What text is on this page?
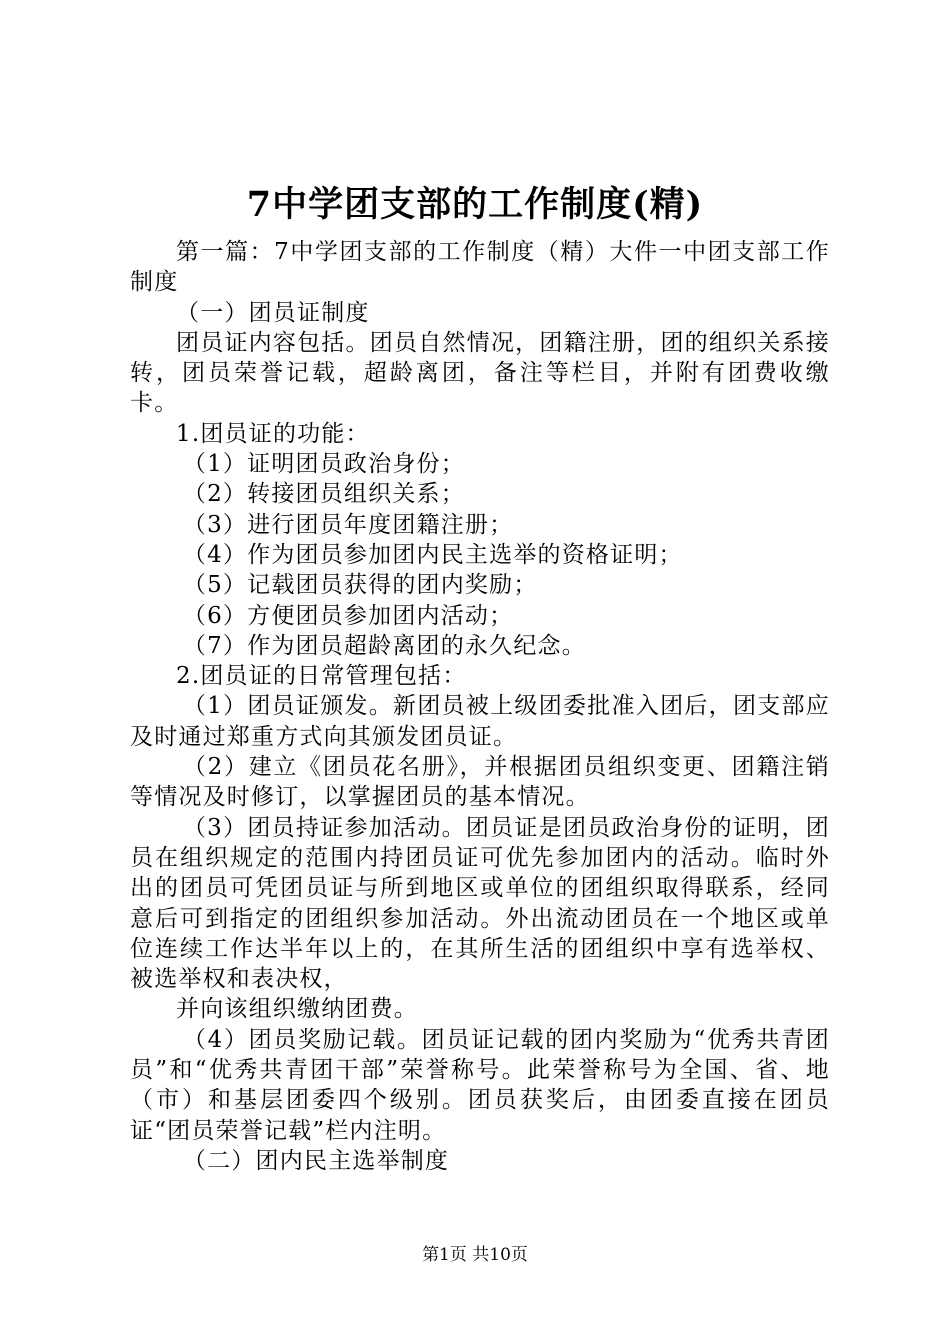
7中学团支部的工作制度(精)

第一篇：7中学团支部的工作制度（精）大件一中团支部工作制度

（一）团员证制度

团员证内容包括。团员自然情况，团籍注册，团的组织关系接转，团员荣誉记载，超龄离团，备注等栏目，并附有团费收缴卡。

1.团员证的功能：

（1）证明团员政治身份；

（2）转接团员组织关系；

（3）进行团员年度团籍注册；

（4）作为团员参加团内民主选举的资格证明；

（5）记载团员获得的团内奖励；

（6）方便团员参加团内活动；

（7）作为团员超龄离团的永久纪念。

2.团员证的日常管理包括：

（1）团员证颁发。新团员被上级团委批准入团后，团支部应及时通过郑重方式向其颁发团员证。

（2）建立《团员花名册》，并根据团员组织变更、团籍注销等情况及时修订，以掌握团员的基本情况。

（3）团员持证参加活动。团员证是团员政治身份的证明，团员在组织规定的范围内持团员证可优先参加团内的活动。临时外出的团员可凭团员证与所到地区或单位的团组织取得联系，经同意后可到指定的团组织参加活动。外出流动团员在一个地区或单位连续工作达半年以上的，在其所生活的团组织中享有选举权、被选举权和表决权，

并向该组织缴纳团费。

（4）团员奖励记载。团员证记载的团内奖励为“优秀共青团员”和“优秀共青团干部”荣誉称号。此荣誉称号为全国、省、地（市）和基层团委四个级别。团员获奖后，由团委直接在团员证“团员荣誉记载”栏内注明。

（二）团内民主选举制度

第1页 共10页
